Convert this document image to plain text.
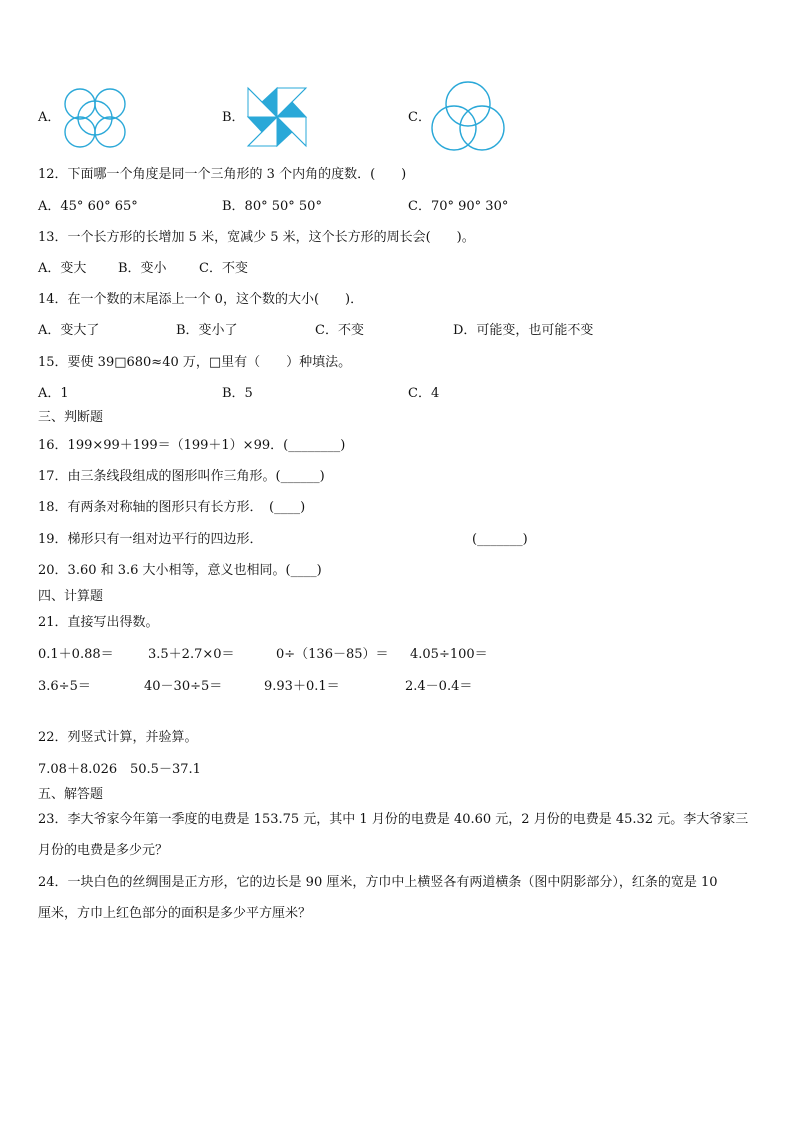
A．	B．	C．
12．下面哪一个角度是同一个三角形的 3 个内角的度数．(　　)
A．45° 60° 65°	B．80° 50° 50°	C．70° 90° 30°
13．一个长方形的长增加 5 米，宽减少 5 米，这个长方形的周长会(　　)。
A．变大 B．变小 C．不变
14．在一个数的末尾添上一个 0，这个数的大小(　　)．
A．变大了	B．变小了	C．不变	D．可能变，也可能不变
15．要使 39□680≈40 万，□里有（　　）种填法。
A．1	B．5	C．4
三、判断题
16．199×99＋199＝（199＋1）×99．(________)
17．由三条线段组成的图形叫作三角形。(______)
18．有两条对称轴的图形只有长方形．　(____)
19．梯形只有一组对边平行的四边形．	(_______)
20．3.60 和 3.6 大小相等，意义也相同。(____)
四、计算题
21．直接写出得数。
0.1＋0.88＝	3.5＋2.7×0＝	0÷（136－85）＝ 4.05÷100＝
3.6÷5＝	40－30÷5＝	9.93＋0.1＝	2.4－0.4＝
22．列竖式计算，并验算。
7.08＋8.026 50.5－37.1
五、解答题
23．李大爷家今年第一季度的电费是 153.75 元，其中 1 月份的电费是 40.60 元，2 月份的电费是 45.32 元。李大爷家三
月份的电费是多少元？
24．一块白色的丝绸围是正方形，它的边长是 90 厘米，方巾中上横竖各有两道横条（图中阴影部分），红条的宽是 10
厘米，方巾上红色部分的面积是多少平方厘米？
